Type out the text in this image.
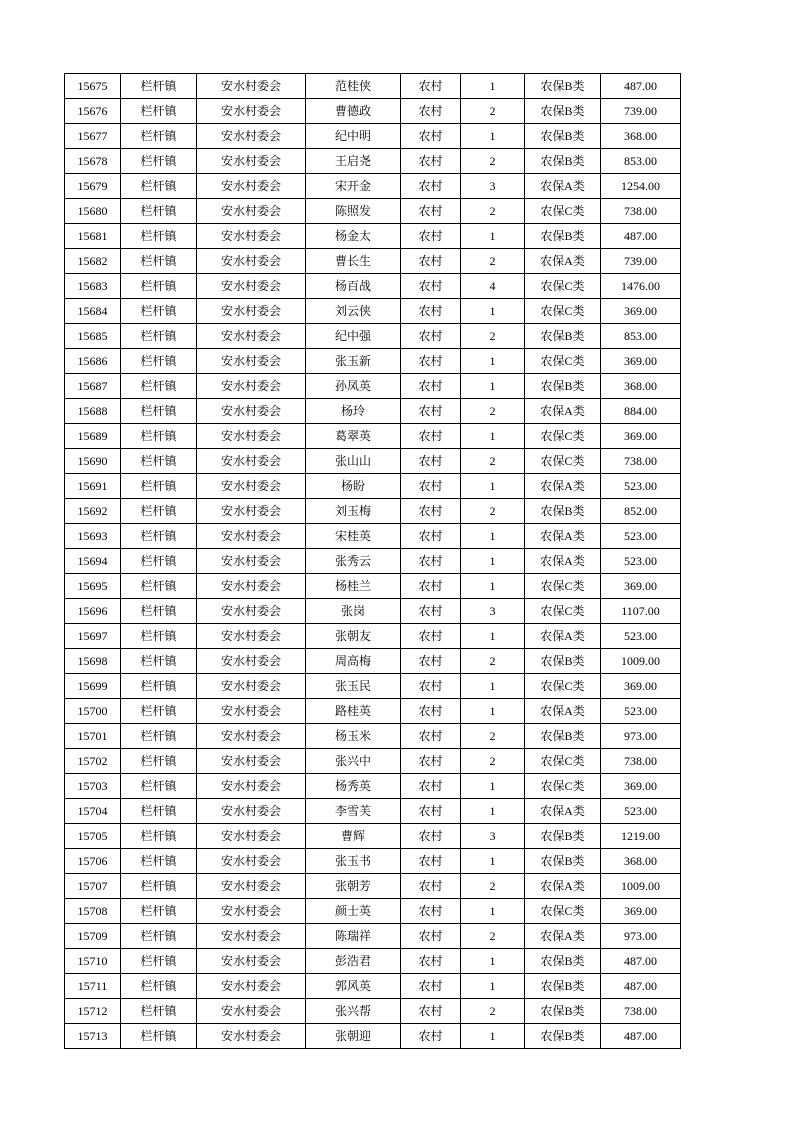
15675	栏杆镇	安水村委会	范桂侠	农村	1	农保B类	487.00
15676	栏杆镇	安水村委会	曹德政	农村	2	农保B类	739.00
15677	栏杆镇	安水村委会	纪中明	农村	1	农保B类	368.00
15678	栏杆镇	安水村委会	王启尧	农村	2	农保B类	853.00
15679	栏杆镇	安水村委会	宋开金	农村	3	农保A类	1254.00
15680	栏杆镇	安水村委会	陈照发	农村	2	农保C类	738.00
15681	栏杆镇	安水村委会	杨金太	农村	1	农保B类	487.00
15682	栏杆镇	安水村委会	曹长生	农村	2	农保A类	739.00
15683	栏杆镇	安水村委会	杨百战	农村	4	农保C类	1476.00
15684	栏杆镇	安水村委会	刘云侠	农村	1	农保C类	369.00
15685	栏杆镇	安水村委会	纪中强	农村	2	农保B类	853.00
15686	栏杆镇	安水村委会	张玉新	农村	1	农保C类	369.00
15687	栏杆镇	安水村委会	孙凤英	农村	1	农保B类	368.00
15688	栏杆镇	安水村委会	杨玲	农村	2	农保A类	884.00
15689	栏杆镇	安水村委会	葛翠英	农村	1	农保C类	369.00
15690	栏杆镇	安水村委会	张山山	农村	2	农保C类	738.00
15691	栏杆镇	安水村委会	杨盼	农村	1	农保A类	523.00
15692	栏杆镇	安水村委会	刘玉梅	农村	2	农保B类	852.00
15693	栏杆镇	安水村委会	宋桂英	农村	1	农保A类	523.00
15694	栏杆镇	安水村委会	张秀云	农村	1	农保A类	523.00
15695	栏杆镇	安水村委会	杨桂兰	农村	1	农保C类	369.00
15696	栏杆镇	安水村委会	张岗	农村	3	农保C类	1107.00
15697	栏杆镇	安水村委会	张朝友	农村	1	农保A类	523.00
15698	栏杆镇	安水村委会	周高梅	农村	2	农保B类	1009.00
15699	栏杆镇	安水村委会	张玉民	农村	1	农保C类	369.00
15700	栏杆镇	安水村委会	路桂英	农村	1	农保A类	523.00
15701	栏杆镇	安水村委会	杨玉米	农村	2	农保B类	973.00
15702	栏杆镇	安水村委会	张兴中	农村	2	农保C类	738.00
15703	栏杆镇	安水村委会	杨秀英	农村	1	农保C类	369.00
15704	栏杆镇	安水村委会	李雪芙	农村	1	农保A类	523.00
15705	栏杆镇	安水村委会	曹辉	农村	3	农保B类	1219.00
15706	栏杆镇	安水村委会	张玉书	农村	1	农保B类	368.00
15707	栏杆镇	安水村委会	张朝芳	农村	2	农保A类	1009.00
15708	栏杆镇	安水村委会	颜士英	农村	1	农保C类	369.00
15709	栏杆镇	安水村委会	陈瑞祥	农村	2	农保A类	973.00
15710	栏杆镇	安水村委会	彭浩君	农村	1	农保B类	487.00
15711	栏杆镇	安水村委会	郭风英	农村	1	农保B类	487.00
15712	栏杆镇	安水村委会	张兴帮	农村	2	农保B类	738.00
15713	栏杆镇	安水村委会	张朝迎	农村	1	农保B类	487.00
